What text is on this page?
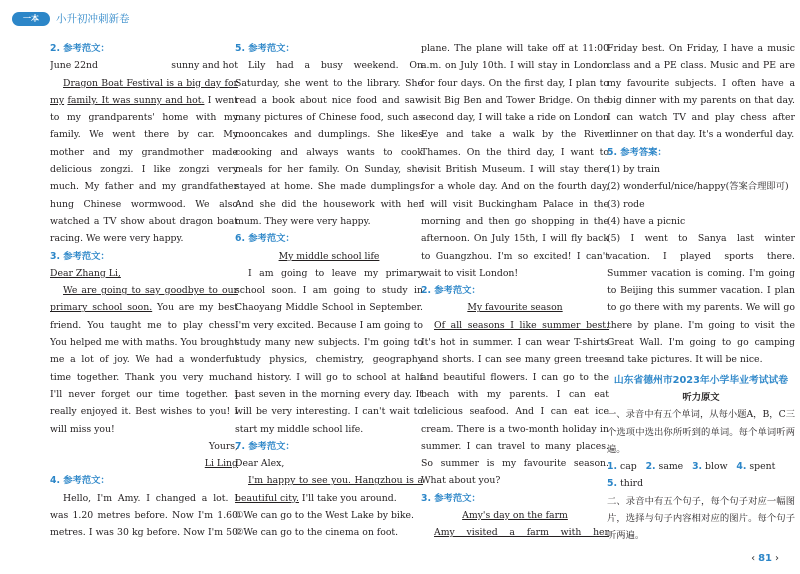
一本	小升初冲刺新卷

2. 参考范文：

June 22nd	sunny and hot

Dragon Boat Festival is a big day for my family. It was sunny and hot. I went to my grandparents' home with my family. We went there by car. My mother and my grandmother made delicious zongzi. I like zongzi very much. My father and my grandfather hung Chinese wormwood. We also watched a TV show about dragon boat racing. We were very happy.

3. 参考范文：

Dear Zhang Li,

We are going to say goodbye to our primary school soon. You are my best friend. You taught me to play chess. You helped me with maths. You brought me a lot of joy. We had a wonderful time together. Thank you very much. I'll never forget our time together. I really enjoyed it. Best wishes to you! I will miss you!

Yours,

Li Ling

4. 参考范文：

Hello, I'm Amy. I changed a lot. I was 1.20 metres before. Now I'm 1.60 metres. I was 30 kg before. Now I'm 50

5. 参考范文：

Lily had a busy weekend. On Saturday, she went to the library. She read a book about nice food and saw many pictures of Chinese food, such as mooncakes and dumplings. She likes cooking and always wants to cook meals for her family. On Sunday, she stayed at home. She made dumplings. And she did the housework with her mum. They were very happy.

6. 参考范文：

My middle school life

I am going to leave my primary school soon. I am going to study in Chaoyang Middle School in September. I'm very excited. Because I am going to study many new subjects. I'm going to study physics, chemistry, geography and history. I will go to school at half past seven in the morning every day. It will be very interesting. I can't wait to start my middle school life.

7. 参考范文：

Dear Alex,

I'm happy to see you. Hangzhou is a beautiful city. I'll take you around.

①We can go to the West Lake by bike.

②We can go to the cinema on foot.

plane. The plane will take off at 11:00 a.m. on July 10th. I will stay in London for four days. On the first day, I plan to visit Big Ben and Tower Bridge. On the second day, I will take a ride on London Eye and take a walk by the River Thames. On the third day, I want to visit British Museum. I will stay there for a whole day. And on the fourth day, I will visit Buckingham Palace in the morning and then go shopping in the afternoon. On July 15th, I will fly back to Guangzhou. I'm so excited! I can't wait to visit London!

2. 参考范文：

My favourite season

Of all seasons I like summer best. It's hot in summer. I can wear T-shirts and shorts. I can see many green trees and beautiful flowers. I can go to the beach with my parents. I can eat delicious seafood. And I can eat ice cream. There is a two-month holiday in summer. I can travel to many places. So summer is my favourite season. What about you?

3. 参考范文：

Amy's day on the farm

Amy visited a farm with her

Friday best. On Friday, I have a music class and a PE class. Music and PE are my favourite subjects. I often have a big dinner with my parents on that day. I can watch TV and play chess after dinner on that day. It's a wonderful day.

5. 参考答案：

(1) by train

(2) wonderful/nice/happy(答案合理即可)

(3) rode

(4) have a picnic

(5) I went to Sanya last winter vacation. I played sports there. Summer vacation is coming. I'm going to Beijing this summer vacation. I plan to go there with my parents. We will go there by plane. I'm going to visit the Great Wall. I'm going to go camping and take pictures. It will be nice.

山东省德州市2023年小学毕业考试试卷

听力原文

一、录音中有五个单词，从每小题A，B，C三个选项中选出你所听到的单词。每个单词听两遍。

1. cap 2. same 3. blow 4. spent

5. third

二、录音中有五个句子，每个句子对应一幅图片，选择与句子内容相对应的图片。每个句子听两遍。

‹ 81 ›
